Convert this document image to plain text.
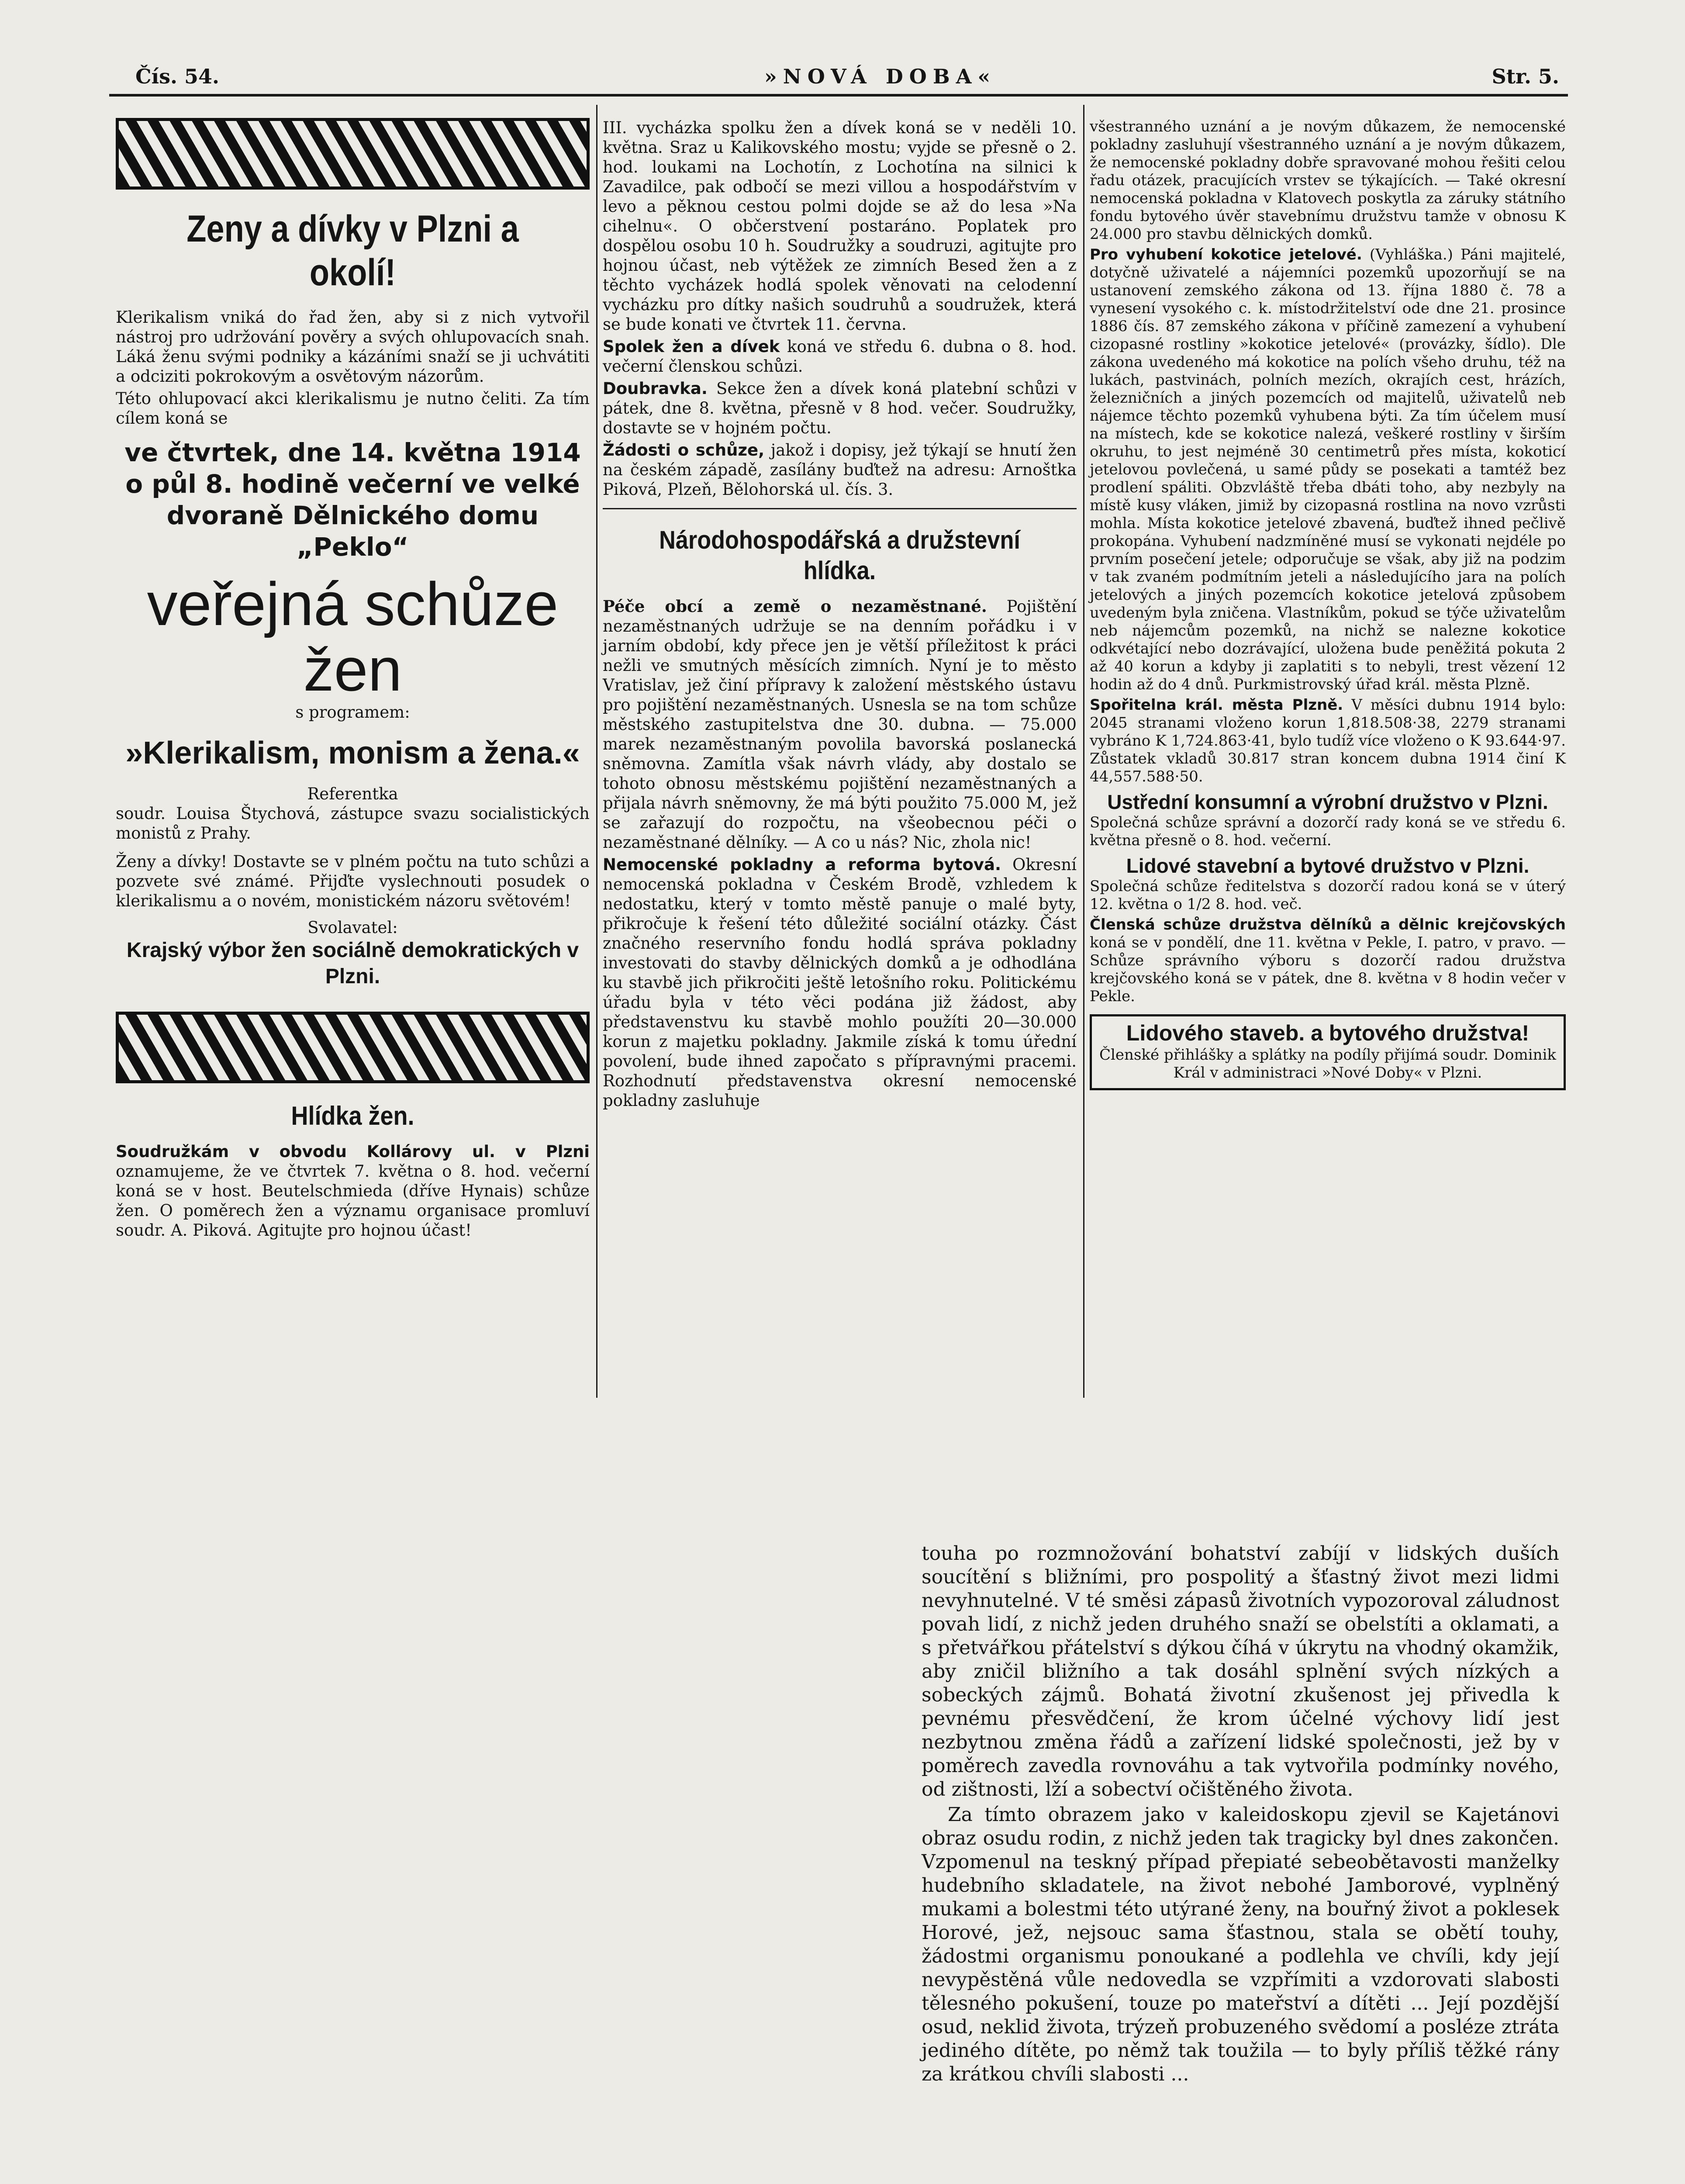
Čís. 54.	»NOVÁ DOBA«	Str. 5.
Zeny a dívky v Plzni a okolí!

Klerikalism vniká do řad žen, aby si z nich vytvořil nástroj pro udržování pověry a svých ohlupovacích snah. Láká ženu svými podniky a kázáními snaží se ji uchvátiti a odciziti pokrokovým a osvětovým názorům.

Této ohlupovací akci klerikalismu je nutno čeliti. Za tím cílem koná se

ve čtvrtek, dne 14. května 1914 o půl 8. hodině večerní ve velké dvoraně Dělnického domu „Peklo“
veřejná schůze žen
s programem:
»Klerikalism, monism a žena.«
Referentka

soudr. Louisa Štychová, zástupce svazu socialistických monistů z Prahy.

Ženy a dívky! Dostavte se v plném počtu na tuto schůzi a pozvete své známé. Přijďte vyslechnouti posudek o klerikalismu a o novém, monistickém názoru světovém!

Svolavatel:
Krajský výbor žen sociálně demokratických v Plzni.
Hlídka žen.

Soudružkám v obvodu Kollárovy ul. v Plzni oznamujeme, že ve čtvrtek 7. května o 8. hod. večerní koná se v host. Beutelschmieda (dříve Hynais) schůze žen. O poměrech žen a významu organisace promluví soudr. A. Piková. Agitujte pro hojnou účast!

III. vycházka spolku žen a dívek koná se v neděli 10. května. Sraz u Kalikovského mostu; vyjde se přesně o 2. hod. loukami na Lochotín, z Lochotína na silnici k Zavadilce, pak odbočí se mezi villou a hospodářstvím v levo a pěknou cestou polmi dojde se až do lesa »Na cihelnu«. O občerstvení postaráno. Poplatek pro dospělou osobu 10 h. Soudružky a soudruzi, agitujte pro hojnou účast, neb výtěžek ze zimních Besed žen a z těchto vycházek hodlá spolek věnovati na celodenní vycházku pro dítky našich soudruhů a soudružek, která se bude konati ve čtvrtek 11. června.

Spolek žen a dívek koná ve středu 6. dubna o 8. hod. večerní členskou schůzi.

Doubravka. Sekce žen a dívek koná platební schůzi v pátek, dne 8. května, přesně v 8 hod. večer. Soudružky, dostavte se v hojném počtu.

Žádosti o schůze, jakož i dopisy, jež týkají se hnutí žen na českém západě, zasílány buďtež na adresu: Arnoštka Piková, Plzeň, Bělohorská ul. čís. 3.

Národohospodářská a družstevní hlídka.

Péče obcí a země o nezaměstnané. Pojištění nezaměstnaných udržuje se na denním pořádku i v jarním období, kdy přece jen je větší příležitost k práci nežli ve smutných měsících zimních. Nyní je to město Vratislav, jež činí přípravy k založení městského ústavu pro pojištění nezaměstnaných. Usnesla se na tom schůze městského zastupitelstva dne 30. dubna. — 75.000 marek nezaměstnaným povolila bavorská poslanecká sněmovna. Zamítla však návrh vlády, aby dostalo se tohoto obnosu městskému pojištění nezaměstnaných a přijala návrh sněmovny, že má býti použito 75.000 M, jež se zařazují do rozpočtu, na všeobecnou péči o nezaměstnané dělníky. — A co u nás? Nic, zhola nic!

Nemocenské pokladny a reforma bytová. Okresní nemocenská pokladna v Českém Brodě, vzhledem k nedostatku, který v tomto městě panuje o malé byty, přikročuje k řešení této důležité sociální otázky. Část značného reservního fondu hodlá správa pokladny investovati do stavby dělnických domků a je odhodlána ku stavbě jich přikročiti ještě letošního roku. Politickému úřadu byla v této věci podána již žádost, aby představenstvu ku stavbě mohlo použíti 20—30.000 korun z majetku pokladny. Jakmile získá k tomu úřední povolení, bude ihned započato s přípravnými pracemi. Rozhodnutí představenstva okresní nemocenské pokladny zasluhuje

všestranného uznání a je novým důkazem, že nemocenské pokladny zasluhují všestranného uznání a je novým důkazem, že nemocenské pokladny dobře spravované mohou řešiti celou řadu otázek, pracujících vrstev se týkajících. — Také okresní nemocenská pokladna v Klatovech poskytla za záruky státního fondu bytového úvěr stavebnímu družstvu tamže v obnosu K 24.000 pro stavbu dělnických domků.

Pro vyhubení kokotice jetelové. (Vyhláška.) Páni majitelé, dotyčně uživatelé a nájemníci pozemků upozorňují se na ustanovení zemského zákona od 13. října 1880 č. 78 a vynesení vysokého c. k. místodržitelství ode dne 21. prosince 1886 čís. 87 zemského zákona v příčině zamezení a vyhubení cizopasné rostliny »kokotice jetelové« (provázky, šídlo). Dle zákona uvedeného má kokotice na polích všeho druhu, též na lukách, pastvinách, polních mezích, okrajích cest, hrázích, železničních a jiných pozemcích od majitelů, uživatelů neb nájemce těchto pozemků vyhubena býti. Za tím účelem musí na místech, kde se kokotice nalezá, veškeré rostliny v širším okruhu, to jest nejméně 30 centimetrů přes místa, kokoticí jetelovou povlečená, u samé půdy se posekati a tamtéž bez prodlení spáliti. Obzvláště třeba dbáti toho, aby nezbyly na místě kusy vláken, jimiž by cizopasná rostlina na novo vzrůsti mohla. Místa kokotice jetelové zbavená, buďtež ihned pečlivě prokopána. Vyhubení nadzmíněné musí se vykonati nejdéle po prvním posečení jetele; odporučuje se však, aby již na podzim v tak zvaném podmítním jeteli a následujícího jara na polích jetelových a jiných pozemcích kokotice jetelová způsobem uvedeným byla zničena. Vlastníkům, pokud se týče uživatelům neb nájemcům pozemků, na nichž se nalezne kokotice odkvétající nebo dozrávající, uložena bude peněžitá pokuta 2 až 40 korun a kdyby ji zaplatiti s to nebyli, trest vězení 12 hodin až do 4 dnů. Purkmistrovský úřad král. města Plzně.

Spořitelna král. města Plzně. V měsíci dubnu 1914 bylo: 2045 stranami vloženo korun 1,818.508·38, 2279 stranami vybráno K 1,724.863·41, bylo tudíž více vloženo o K 93.644·97. Zůstatek vkladů 30.817 stran koncem dubna 1914 činí K 44,557.588·50.

Ustřední konsumní a výrobní družstvo v Plzni.

Společná schůze správní a dozorčí rady koná se ve středu 6. května přesně o 8. hod. večerní.

Lidové stavební a bytové družstvo v Plzni.

Společná schůze ředitelstva s dozorčí radou koná se v úterý 12. května o 1/2 8. hod. več.

Členská schůze družstva dělníků a dělnic krejčovských koná se v pondělí, dne 11. května v Pekle, I. patro, v pravo. — Schůze správního výboru s dozorčí radou družstva krejčovského koná se v pátek, dne 8. května v 8 hodin večer v Pekle.

Lidového staveb. a bytového družstva!

Členské přihlášky a splátky na podíly přijímá soudr. Dominik Král v administraci »Nové Doby« v Plzni.

touha po rozmnožování bohatství zabíjí v lidských duších soucítění s bližními, pro pospolitý a šťastný život mezi lidmi nevyhnutelné. V té směsi zápasů životních vypozoroval záludnost povah lidí, z nichž jeden druhého snaží se obelstíti a oklamati, a s přetvářkou přátelství s dýkou číhá v úkrytu na vhodný okamžik, aby zničil bližního a tak dosáhl splnění svých nízkých a sobeckých zájmů. Bohatá životní zkušenost jej přivedla k pevnému přesvědčení, že krom účelné výchovy lidí jest nezbytnou změna řádů a zařízení lidské společnosti, jež by v poměrech zavedla rovnováhu a tak vytvořila podmínky nového, od zištnosti, lží a sobectví očištěného života.

Za tímto obrazem jako v kaleidoskopu zjevil se Kajetánovi obraz osudu rodin, z nichž jeden tak tragicky byl dnes zakončen. Vzpomenul na teskný případ přepiaté sebeobětavosti manželky hudebního skladatele, na život nebohé Jamborové, vyplněný mukami a bolestmi této utýrané ženy, na bouřný život a poklesek Horové, jež, nejsouc sama šťastnou, stala se obětí touhy, žádostmi organismu ponoukané a podlehla ve chvíli, kdy její nevypěstěná vůle nedovedla se vzpřímiti a vzdorovati slabosti tělesného pokušení, touze po mateřství a dítěti ... Její pozdější osud, neklid života, trýzeň probuzeného svědomí a posléze ztráta jediného dítěte, po němž tak toužila — to byly příliš těžké rány za krátkou chvíli slabosti ...
